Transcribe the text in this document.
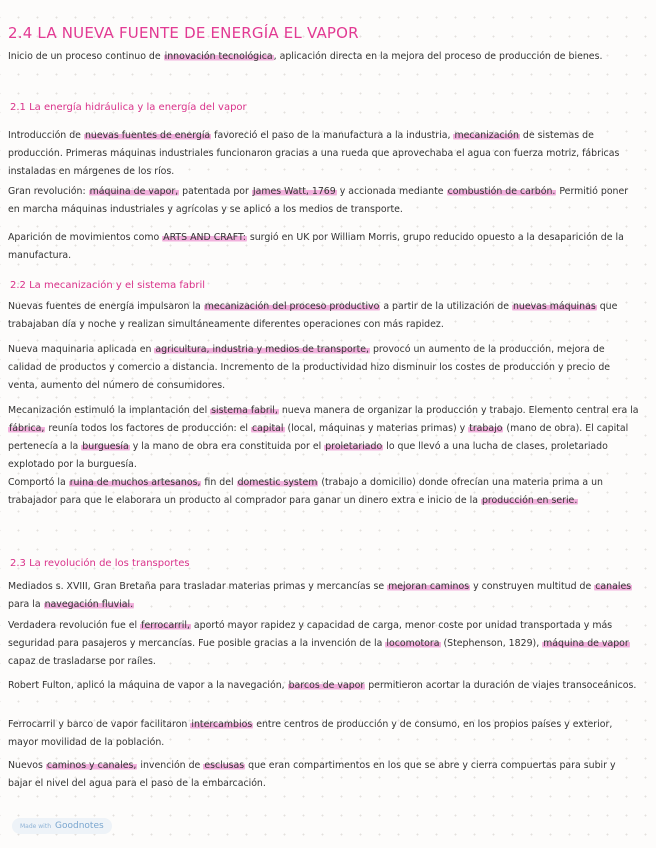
2.4 LA NUEVA FUENTE DE ENERGÍA EL VAPOR
Inicio de un proceso continuo de innovación tecnológica, aplicación directa en la mejora del proceso de producción de bienes.
2.1 La energía hidráulica y la energía del vapor
Introducción de nuevas fuentes de energía favoreció el paso de la manufactura a la industria, mecanización de sistemas de producción. Primeras máquinas industriales funcionaron gracias a una rueda que aprovechaba el agua con fuerza motriz, fábricas instaladas en márgenes de los ríos.
Gran revolución: máquina de vapor, patentada por James Watt, 1769 y accionada mediante combustión de carbón. Permitió poner en marcha máquinas industriales y agrícolas y se aplicó a los medios de transporte.
Aparición de movimientos como ARTS AND CRAFT: surgió en UK por William Morris, grupo reducido opuesto a la desaparición de la manufactura.
2.2 La mecanización y el sistema fabril
Nuevas fuentes de energía impulsaron la mecanización del proceso productivo a partir de la utilización de nuevas máquinas que trabajaban día y noche y realizan simultáneamente diferentes operaciones con más rapidez.
Nueva maquinaria aplicada en agricultura, industria y medios de transporte, provocó un aumento de la producción, mejora de calidad de productos y comercio a distancia. Incremento de la productividad hizo disminuir los costes de producción y precio de venta, aumento del número de consumidores.
Mecanización estimuló la implantación del sistema fabril, nueva manera de organizar la producción y trabajo. Elemento central era la fábrica, reunía todos los factores de producción: el capital (local, máquinas y materias primas) y trabajo (mano de obra). El capital pertenecía a la burguesía y la mano de obra era constituida por el proletariado lo que llevó a una lucha de clases, proletariado explotado por la burguesía.
Comportó la ruina de muchos artesanos, fin del domestic system (trabajo a domicilio) donde ofrecían una materia prima a un trabajador para que le elaborara un producto al comprador para ganar un dinero extra e inicio de la producción en serie.
2.3 La revolución de los transportes
Mediados s. XVIII, Gran Bretaña para trasladar materias primas y mercancías se mejoran caminos y construyen multitud de canales para la navegación fluvial.
Verdadera revolución fue el ferrocarril, aportó mayor rapidez y capacidad de carga, menor coste por unidad transportada y más seguridad para pasajeros y mercancías. Fue posible gracias a la invención de la locomotora (Stephenson, 1829), máquina de vapor capaz de trasladarse por raíles.
Robert Fulton, aplicó la máquina de vapor a la navegación, barcos de vapor permitieron acortar la duración de viajes transoceánicos.
Ferrocarril y barco de vapor facilitaron intercambios entre centros de producción y de consumo, en los propios países y exterior, mayor movilidad de la población.
Nuevos caminos y canales, invención de esclusas que eran compartimentos en los que se abre y cierra compuertas para subir y bajar el nivel del agua para el paso de la embarcación.
Made with Goodnotes
